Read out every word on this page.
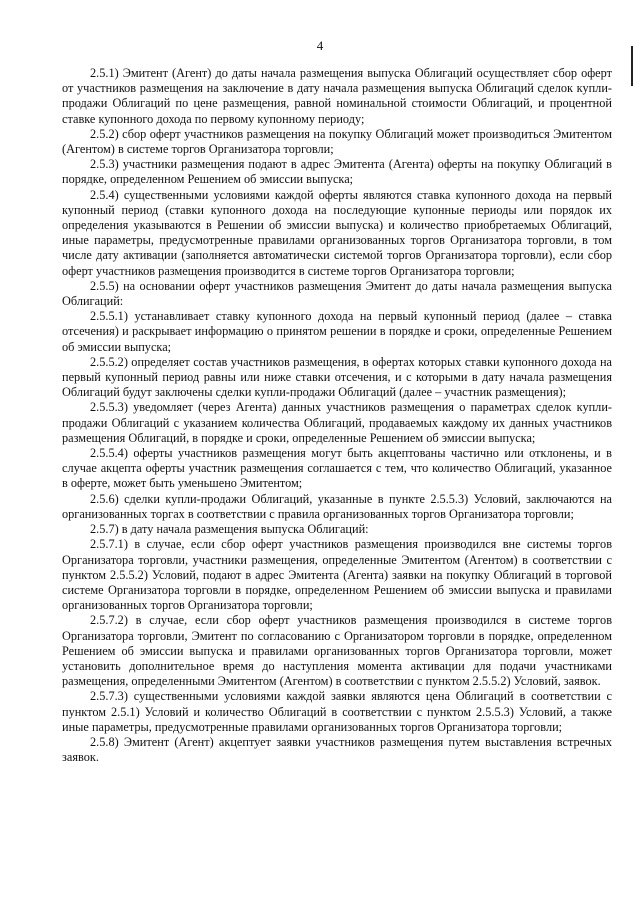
4

2.5.1) Эмитент (Агент) до даты начала размещения выпуска Облигаций осуществляет сбор оферт от участников размещения на заключение в дату начала размещения выпуска Облигаций сделок купли-продажи Облигаций по цене размещения, равной номинальной стоимости Облигаций, и процентной ставке купонного дохода по первому купонному периоду;

2.5.2) сбор оферт участников размещения на покупку Облигаций может производиться Эмитентом (Агентом) в системе торгов Организатора торговли;

2.5.3) участники размещения подают в адрес Эмитента (Агента) оферты на покупку Облигаций в порядке, определенном Решением об эмиссии выпуска;

2.5.4) существенными условиями каждой оферты являются ставка купонного дохода на первый купонный период (ставки купонного дохода на последующие купонные периоды или порядок их определения указываются в Решении об эмиссии выпуска) и количество приобретаемых Облигаций, иные параметры, предусмотренные правилами организованных торгов Организатора торговли, в том числе дату активации (заполняется автоматически системой торгов Организатора торговли), если сбор оферт участников размещения производится в системе торгов Организатора торговли;

2.5.5) на основании оферт участников размещения Эмитент до даты начала размещения выпуска Облигаций:

2.5.5.1) устанавливает ставку купонного дохода на первый купонный период (далее – ставка отсечения) и раскрывает информацию о принятом решении в порядке и сроки, определенные Решением об эмиссии выпуска;

2.5.5.2) определяет состав участников размещения, в офертах которых ставки купонного дохода на первый купонный период равны или ниже ставки отсечения, и с которыми в дату начала размещения Облигаций будут заключены сделки купли-продажи Облигаций (далее – участник размещения);

2.5.5.3) уведомляет (через Агента) данных участников размещения о параметрах сделок купли-продажи Облигаций с указанием количества Облигаций, продаваемых каждому их данных участников размещения Облигаций, в порядке и сроки, определенные Решением об эмиссии выпуска;

2.5.5.4) оферты участников размещения могут быть акцептованы частично или отклонены, и в случае акцепта оферты участник размещения соглашается с тем, что количество Облигаций, указанное в оферте, может быть уменьшено Эмитентом;

2.5.6) сделки купли-продажи Облигаций, указанные в пункте 2.5.5.3) Условий, заключаются на организованных торгах в соответствии с правила организованных торгов Организатора торговли;

2.5.7) в дату начала размещения выпуска Облигаций:

2.5.7.1) в случае, если сбор оферт участников размещения производился вне системы торгов Организатора торговли, участники размещения, определенные Эмитентом (Агентом) в соответствии с пунктом 2.5.5.2) Условий, подают в адрес Эмитента (Агента) заявки на покупку Облигаций в торговой системе Организатора торговли в порядке, определенном Решением об эмиссии выпуска и правилами организованных торгов Организатора торговли;

2.5.7.2) в случае, если сбор оферт участников размещения производился в системе торгов Организатора торговли, Эмитент по согласованию с Организатором торговли в порядке, определенном Решением об эмиссии выпуска и правилами организованных торгов Организатора торговли, может установить дополнительное время до наступления момента активации для подачи участниками размещения, определенными Эмитентом (Агентом) в соответствии с пунктом 2.5.5.2) Условий, заявок.

2.5.7.3) существенными условиями каждой заявки являются цена Облигаций в соответствии с пунктом 2.5.1) Условий и количество Облигаций в соответствии с пунктом 2.5.5.3) Условий, а также иные параметры, предусмотренные правилами организованных торгов Организатора торговли;

2.5.8) Эмитент (Агент) акцептует заявки участников размещения путем выставления встречных заявок.
